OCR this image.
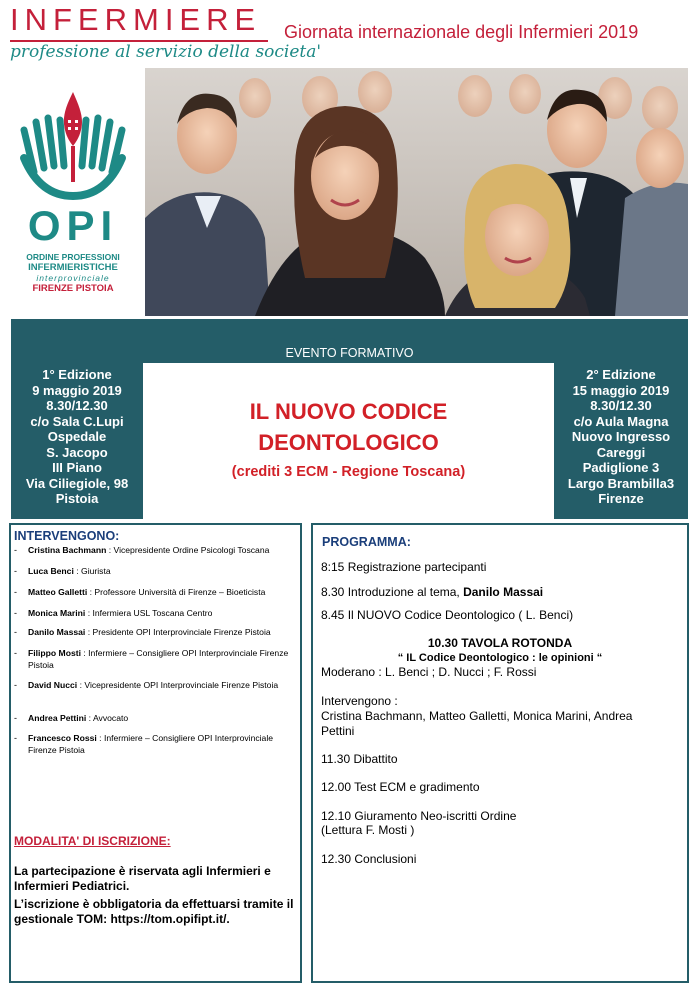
INFERMIERE
professione al servizio della societa'
Giornata internazionale degli Infermieri 2019
OPI
ORDINE PROFESSIONI
INFERMIERISTICHE
interprovinciale
FIRENZE PISTOIA
EVENTO FORMATIVO
1° Edizione
9 maggio 2019
8.30/12.30
c/o Sala C.Lupi
Ospedale
S. Jacopo
III Piano
Via Ciliegiole, 98
Pistoia
2° Edizione
15 maggio 2019
8.30/12.30
c/o Aula Magna
Nuovo Ingresso
Careggi
Padiglione 3
Largo Brambilla3
Firenze
IL NUOVO CODICE
DEONTOLOGICO
(crediti 3 ECM - Regione Toscana)
INTERVENGONO:
-	Cristina Bachmann : Vicepresidente Ordine Psicologi Toscana
-	Luca Benci : Giurista
-	Matteo Galletti : Professore Università di Firenze – Bioeticista
-	Monica Marini : Infermiera USL Toscana Centro
-	Danilo Massai : Presidente OPI Interprovinciale Firenze Pistoia
-	Filippo Mosti : Infermiere – Consigliere OPI Interprovinciale Firenze Pistoia
-	David Nucci : Vicepresidente OPI Interprovinciale Firenze Pistoia
-	Andrea Pettini : Avvocato
-	Francesco Rossi : Infermiere – Consigliere OPI Interprovinciale Firenze Pistoia
MODALITA' DI ISCRIZIONE:
La partecipazione è riservata agli Infermieri e Infermieri Pediatrici.
L’iscrizione è obbligatoria da effettuarsi tramite il gestionale TOM: https://tom.opifipt.it/.
PROGRAMMA:
8:15 Registrazione partecipanti
8.30 Introduzione al tema, Danilo Massai
8.45 Il NUOVO Codice Deontologico ( L. Benci)
10.30 TAVOLA ROTONDA
“ IL Codice Deontologico : le opinioni “
Moderano : L. Benci ; D. Nucci ; F. Rossi
Intervengono :
Cristina Bachmann, Matteo Galletti, Monica Marini, Andrea Pettini
11.30 Dibattito
12.00 Test ECM e gradimento
12.10 Giuramento Neo-iscritti Ordine
(Lettura F. Mosti )
12.30 Conclusioni
